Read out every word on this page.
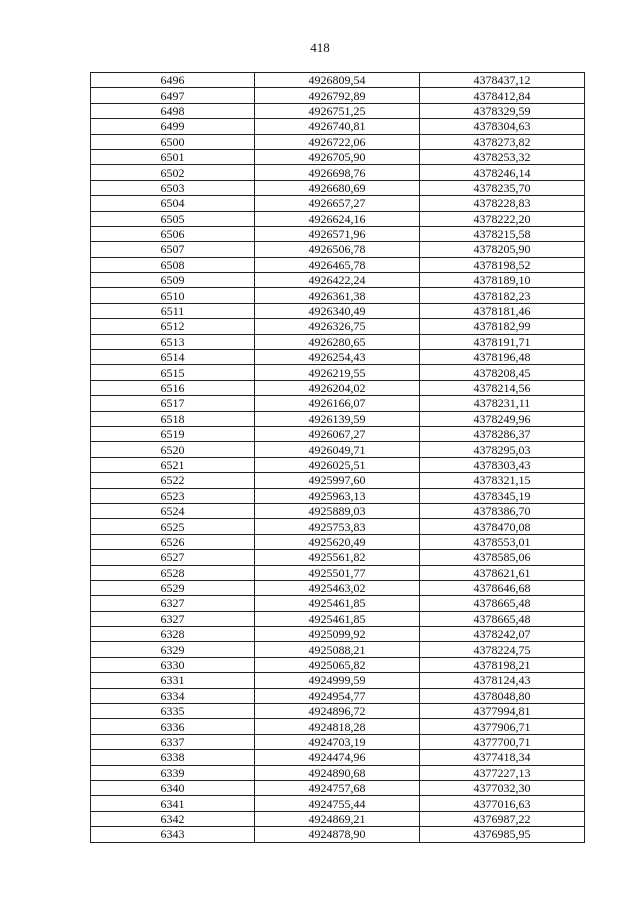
418
6496	4926809,54	4378437,12
6497	4926792,89	4378412,84
6498	4926751,25	4378329,59
6499	4926740,81	4378304,63
6500	4926722,06	4378273,82
6501	4926705,90	4378253,32
6502	4926698,76	4378246,14
6503	4926680,69	4378235,70
6504	4926657,27	4378228,83
6505	4926624,16	4378222,20
6506	4926571,96	4378215,58
6507	4926506,78	4378205,90
6508	4926465,78	4378198,52
6509	4926422,24	4378189,10
6510	4926361,38	4378182,23
6511	4926340,49	4378181,46
6512	4926326,75	4378182,99
6513	4926280,65	4378191,71
6514	4926254,43	4378196,48
6515	4926219,55	4378208,45
6516	4926204,02	4378214,56
6517	4926166,07	4378231,11
6518	4926139,59	4378249,96
6519	4926067,27	4378286,37
6520	4926049,71	4378295,03
6521	4926025,51	4378303,43
6522	4925997,60	4378321,15
6523	4925963,13	4378345,19
6524	4925889,03	4378386,70
6525	4925753,83	4378470,08
6526	4925620,49	4378553,01
6527	4925561,82	4378585,06
6528	4925501,77	4378621,61
6529	4925463,02	4378646,68
6327	4925461,85	4378665,48
6327	4925461,85	4378665,48
6328	4925099,92	4378242,07
6329	4925088,21	4378224,75
6330	4925065,82	4378198,21
6331	4924999,59	4378124,43
6334	4924954,77	4378048,80
6335	4924896,72	4377994,81
6336	4924818,28	4377906,71
6337	4924703,19	4377700,71
6338	4924474,96	4377418,34
6339	4924890,68	4377227,13
6340	4924757,68	4377032,30
6341	4924755,44	4377016,63
6342	4924869,21	4376987,22
6343	4924878,90	4376985,95
